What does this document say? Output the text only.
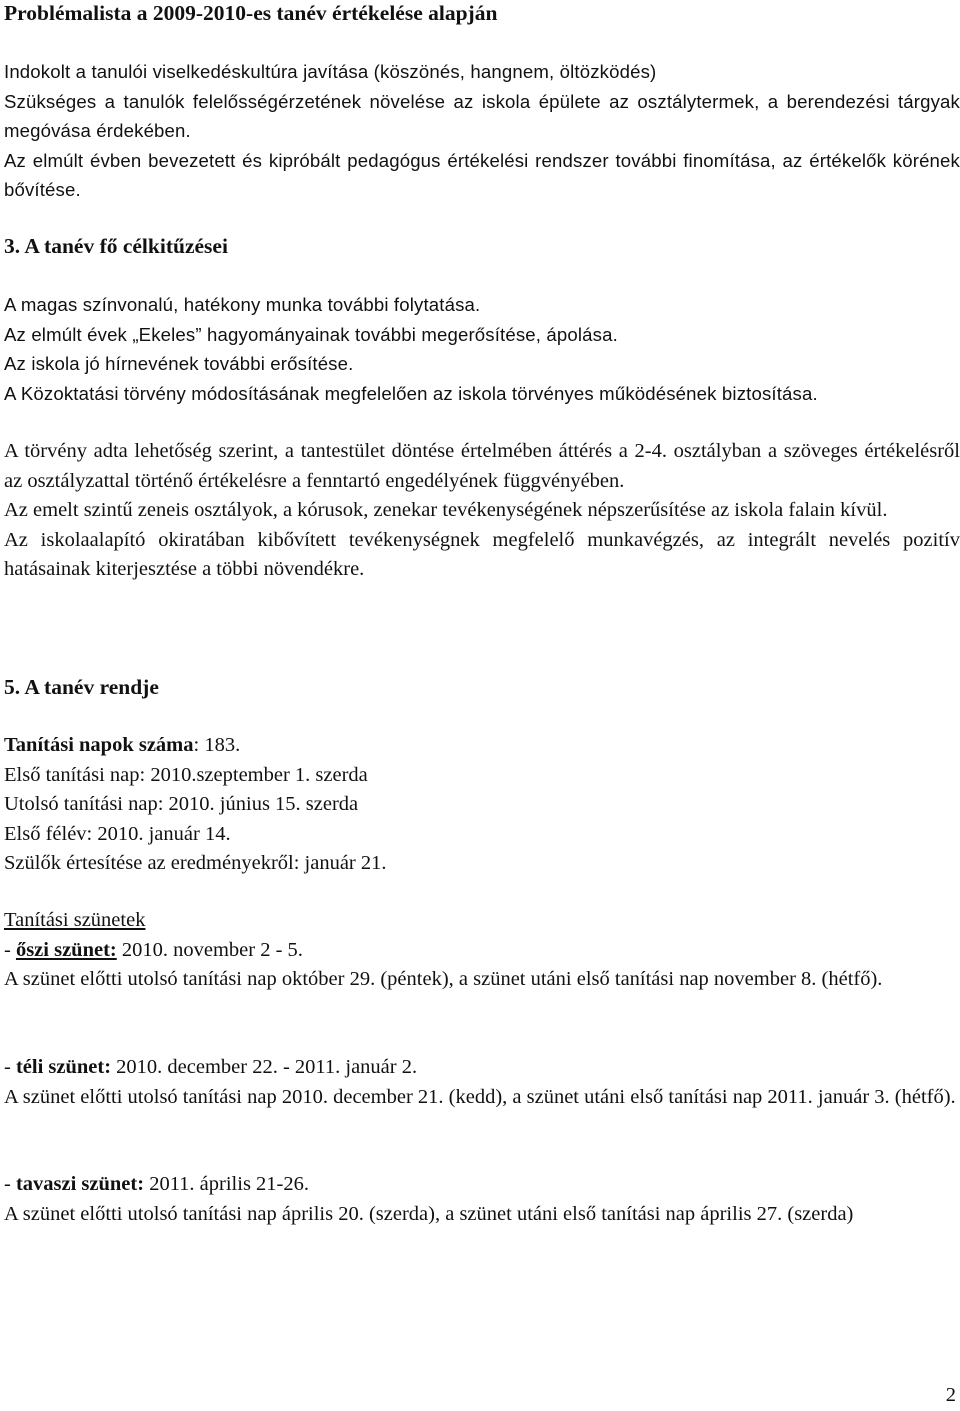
Problémalista a 2009-2010-es tanév értékelése alapján

Indokolt a tanulói viselkedéskultúra javítása (köszönés, hangnem, öltözködés)

Szükséges a tanulók felelősségérzetének növelése az iskola épülete az osztálytermek, a berendezési tárgyak megóvása érdekében.

Az elmúlt évben bevezetett és kipróbált pedagógus értékelési rendszer további finomítása, az értékelők körének bővítése.

3. A tanév fő célkitűzései

A magas színvonalú, hatékony munka további folytatása.

Az elmúlt évek „Ekeles” hagyományainak további megerősítése, ápolása.

Az iskola jó hírnevének további erősítése.

A Közoktatási törvény módosításának megfelelően az iskola törvényes működésének biztosítása.

A törvény adta lehetőség szerint, a tantestület döntése értelmében áttérés a 2-4. osztályban a szöveges értékelésről az osztályzattal történő értékelésre a fenntartó engedélyének függvényében.

Az emelt szintű zeneis osztályok, a kórusok, zenekar tevékenységének népszerűsítése az iskola falain kívül.

Az iskolaalapító okiratában kibővített tevékenységnek megfelelő munkavégzés, az integrált nevelés pozitív hatásainak kiterjesztése a többi növendékre.

5. A tanév rendje

Tanítási napok száma: 183.

Első tanítási nap: 2010.szeptember 1. szerda

Utolsó tanítási nap: 2010. június 15. szerda

Első félév: 2010. január 14.

Szülők értesítése az eredményekről: január 21.

Tanítási szünetek

- őszi szünet: 2010. november 2 - 5.

A szünet előtti utolsó tanítási nap október 29. (péntek), a szünet utáni első tanítási nap november 8. (hétfő).

- téli szünet: 2010. december 22. - 2011. január 2.

A szünet előtti utolsó tanítási nap 2010. december 21. (kedd), a szünet utáni első tanítási nap 2011. január 3. (hétfő).

- tavaszi szünet: 2011. április 21-26.

A szünet előtti utolsó tanítási nap április 20. (szerda), a szünet utáni első tanítási nap április 27. (szerda)

2
